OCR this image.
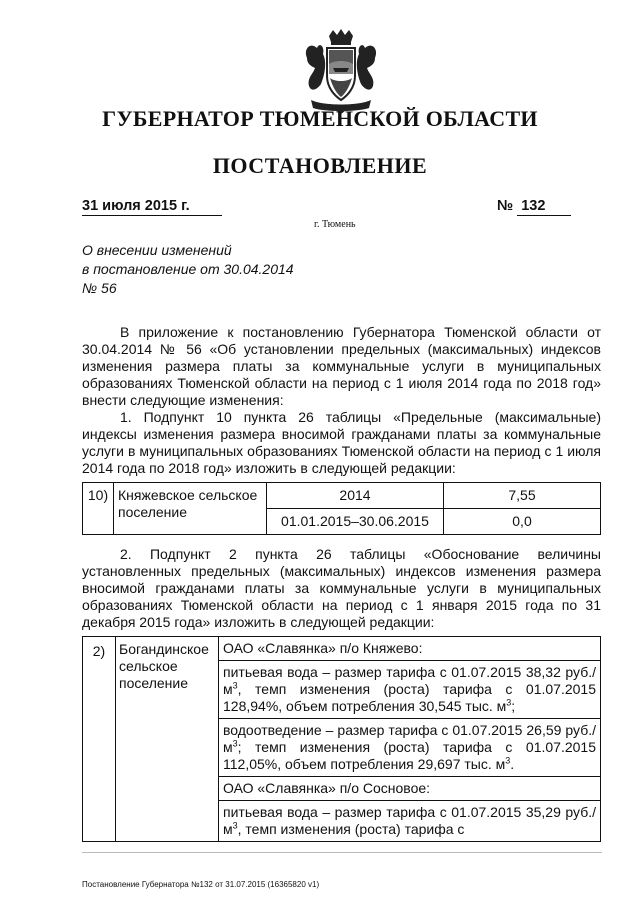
ГУБЕРНАТОР ТЮМЕНСКОЙ ОБЛАСТИ
ПОСТАНОВЛЕНИЕ
31 июля 2015 г.	№ 132
г. Тюмень
О внесении изменений
в постановление от 30.04.2014
№ 56

В приложение к постановлению Губернатора Тюменской области от 30.04.2014 № 56 «Об установлении предельных (максимальных) индексов изменения размера платы за коммунальные услуги в муниципальных образованиях Тюменской области на период с 1 июля 2014 года по 2018 год» внести следующие изменения:

1. Подпункт 10 пункта 26 таблицы «Предельные (максимальные) индексы изменения размера вносимой гражданами платы за коммунальные услуги в муниципальных образованиях Тюменской области на период с 1 июля 2014 года по 2018 год» изложить в следующей редакции:

10)	Княжевское сельское поселение	2014	7,55
		01.01.2015–30.06.2015	0,0

2. Подпункт 2 пункта 26 таблицы «Обоснование величины установленных предельных (максимальных) индексов изменения размера вносимой гражданами платы за коммунальные услуги в муниципальных образованиях Тюменской области на период с 1 января 2015 года по 31 декабря 2015 года» изложить в следующей редакции:

2)	Богандинское сельское поселение	ОАО «Славянка» п/о Княжево:
питьевая вода – размер тарифа с 01.07.2015 38,32 $руб./м^3$, темп изменения (роста) тарифа с 01.07.2015 128,94%, объем потребления 30,545 тыс. $м^3$;
водоотведение – размер тарифа с 01.07.2015 26,59 $руб./м^3$; темп изменения (роста) тарифа с 01.07.2015 112,05%, объем потребления 29,697 тыс. $м^3$.
ОАО «Славянка» п/о Сосновое:
питьевая вода – размер тарифа с 01.07.2015 35,29 $руб./м^3$, темп изменения (роста) тарифа с
Постановление Губернатора №132 от 31.07.2015 (16365820 v1)
